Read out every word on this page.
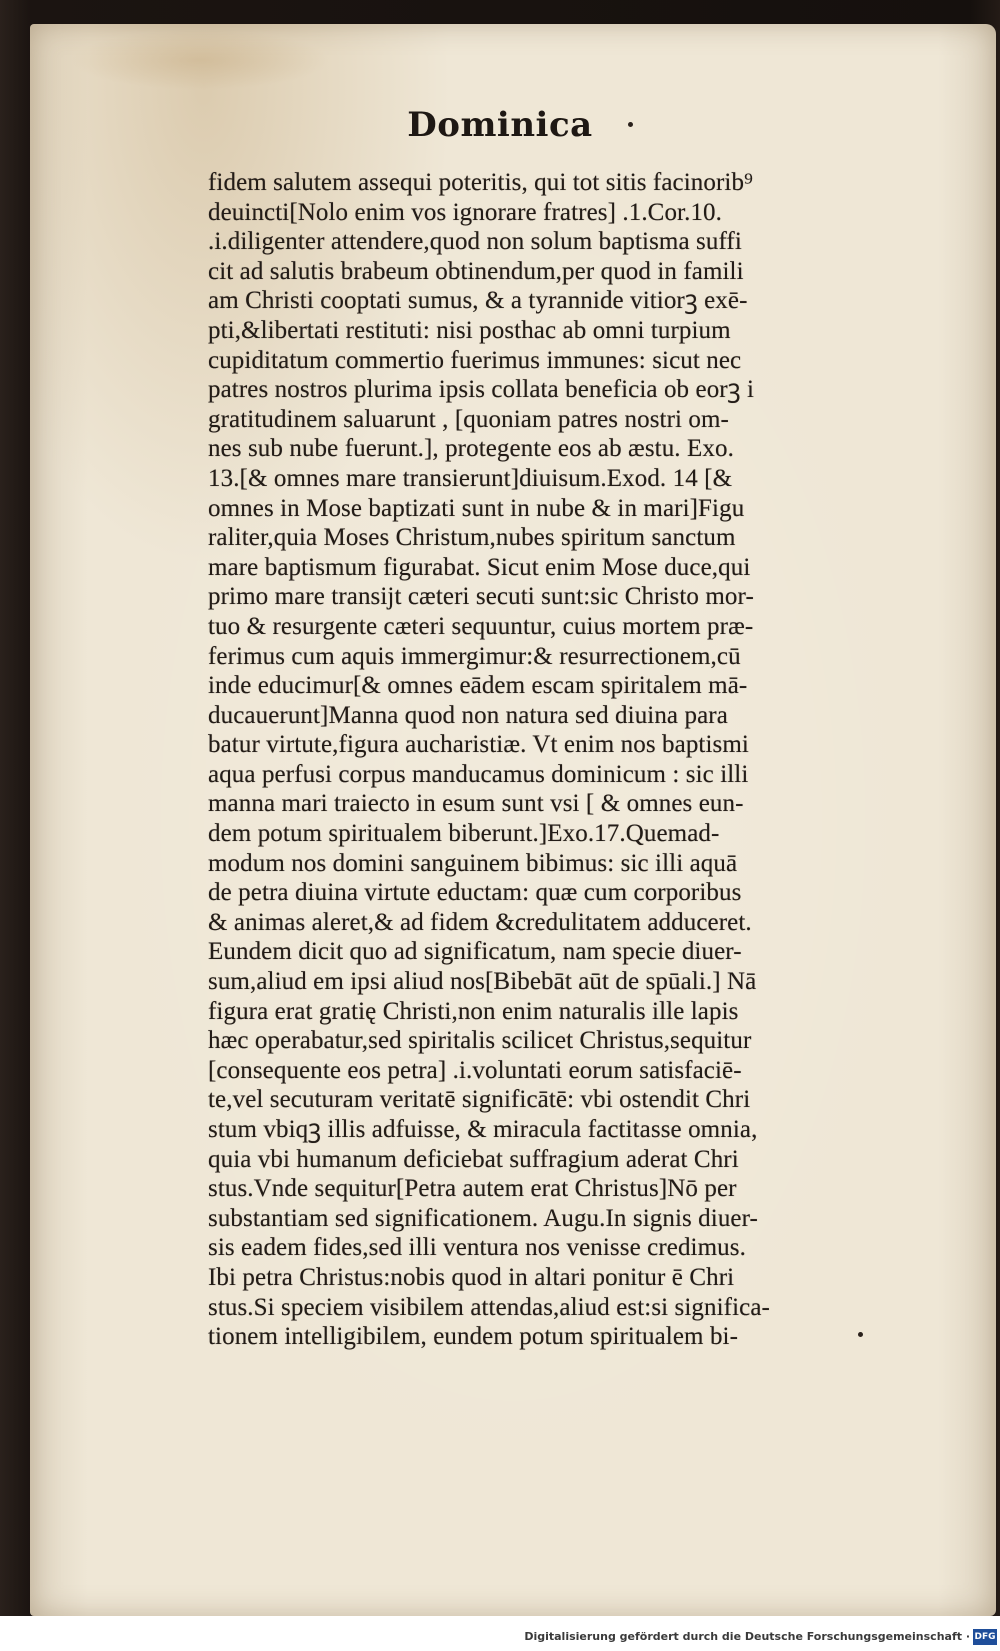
Dominica
fidem salutem assequi poteritis, qui tot sitis facinorib⁹
deuincti[Nolo enim vos ignorare fratres] .1.Cor.10.
.i.diligenter attendere,quod non solum baptisma suffi
cit ad salutis brabeum obtinendum,per quod in famili
am Christi cooptati sumus, & a tyrannide vitiorꝫ exē-
pti,&libertati restituti: nisi posthac ab omni turpium
cupiditatum commertio fuerimus immunes: sicut nec
patres nostros plurima ipsis collata beneficia ob eorꝫ i
gratitudinem saluarunt , [quoniam patres nostri om-
nes sub nube fuerunt.], protegente eos ab æstu. Exo.
13.[& omnes mare transierunt]diuisum.Exod. 14 [&
omnes in Mose baptizati sunt in nube & in mari]Figu
raliter,quia Moses Christum,nubes spiritum sanctum
mare baptismum figurabat. Sicut enim Mose duce,qui
primo mare transijt cæteri secuti sunt:sic Christo mor-
tuo & resurgente cæteri sequuntur, cuius mortem præ-
ferimus cum aquis immergimur:& resurrectionem,cū
inde educimur[& omnes eādem escam spiritalem mā-
ducauerunt]Manna quod non natura sed diuina para
batur virtute,figura aucharistiæ. Vt enim nos baptismi
aqua perfusi corpus manducamus dominicum : sic illi
manna mari traiecto in esum sunt vsi [ & omnes eun-
dem potum spiritualem biberunt.]Exo.17.Quemad-
modum nos domini sanguinem bibimus: sic illi aquā
de petra diuina virtute eductam: quæ cum corporibus
& animas aleret,& ad fidem &credulitatem adduceret.
Eundem dicit quo ad significatum, nam specie diuer-
sum,aliud em ipsi aliud nos[Bibebāt aūt de spūali.] Nā
figura erat gratię Christi,non enim naturalis ille lapis
hæc operabatur,sed spiritalis scilicet Christus,sequitur
[consequente eos petra] .i.voluntati eorum satisfaciē-
te,vel secuturam veritatē significātē: vbi ostendit Chri
stum vbiqꝫ illis adfuisse, & miracula factitasse omnia,
quia vbi humanum deficiebat suffragium aderat Chri
stus.Vnde sequitur[Petra autem erat Christus]Nō per
substantiam sed significationem. Augu.In signis diuer-
sis eadem fides,sed illi ventura nos venisse credimus.
Ibi petra Christus:nobis quod in altari ponitur ē Chri
stus.Si speciem visibilem attendas,aliud est:si significa-
tionem intelligibilem, eundem potum spiritualem bi-
Digitalisierung gefördert durch die Deutsche Forschungsgemeinschaft · DFG
